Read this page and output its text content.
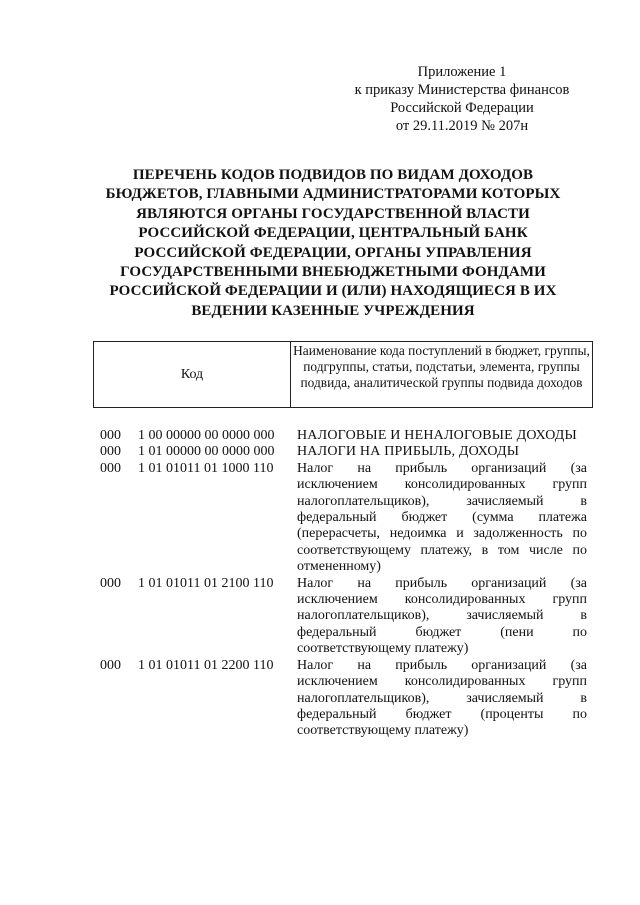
Приложение 1
к приказу Министерства финансов
Российской Федерации
от 29.11.2019 № 207н
ПЕРЕЧЕНЬ КОДОВ ПОДВИДОВ ПО ВИДАМ ДОХОДОВ БЮДЖЕТОВ, ГЛАВНЫМИ АДМИНИСТРАТОРАМИ КОТОРЫХ ЯВЛЯЮТСЯ ОРГАНЫ ГОСУДАРСТВЕННОЙ ВЛАСТИ РОССИЙСКОЙ ФЕДЕРАЦИИ, ЦЕНТРАЛЬНЫЙ БАНК РОССИЙСКОЙ ФЕДЕРАЦИИ, ОРГАНЫ УПРАВЛЕНИЯ ГОСУДАРСТВЕННЫМИ ВНЕБЮДЖЕТНЫМИ ФОНДАМИ РОССИЙСКОЙ ФЕДЕРАЦИИ И (ИЛИ) НАХОДЯЩИЕСЯ В ИХ ВЕДЕНИИ КАЗЕННЫЕ УЧРЕЖДЕНИЯ
Код
Наименование кода поступлений в бюджет, группы, подгруппы, статьи, подстатьи, элемента, группы подвида, аналитической группы подвида доходов
000 1 00 00000 00 0000 000 НАЛОГОВЫЕ И НЕНАЛОГОВЫЕ ДОХОДЫ
000 1 01 00000 00 0000 000 НАЛОГИ НА ПРИБЫЛЬ, ДОХОДЫ
000 1 01 01011 01 1000 110 Налог на прибыль организаций (за исключением консолидированных групп налогоплательщиков), зачисляемый в федеральный бюджет (сумма платежа (перерасчеты, недоимка и задолженность по соответствующему платежу, в том числе по отмененному)
000 1 01 01011 01 2100 110 Налог на прибыль организаций (за исключением консолидированных групп налогоплательщиков), зачисляемый в федеральный бюджет (пени по соответствующему платежу)
000 1 01 01011 01 2200 110 Налог на прибыль организаций (за исключением консолидированных групп налогоплательщиков), зачисляемый в федеральный бюджет (проценты по соответствующему платежу)
